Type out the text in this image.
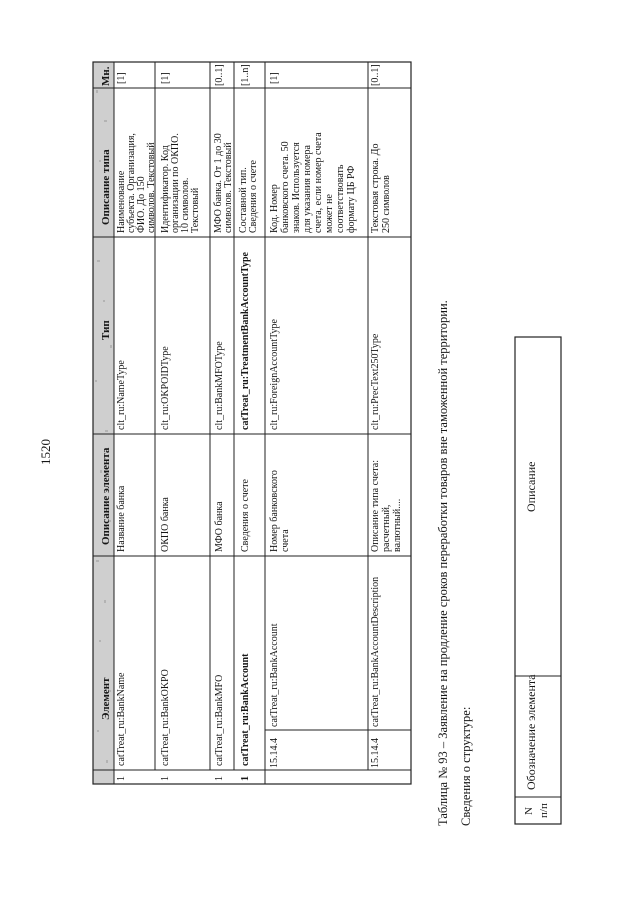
1520
Элемент
Описание элемента
Тип
Описание типа
Мн.
1
catTreat_ru:BankName
Название банка
clt_ru:NameType
Наименование субъекта. Организация, ФИО. До 150 символов. Текстовый
[1]
1
catTreat_ru:BankOKPO
ОКПО банка
clt_ru:OKPOIDType
Идентификатор. Код организации по ОКПО. 10 символов. Текстовый
[1]
1
catTreat_ru:BankMFO
МФО банка
clt_ru:BankMFOType
МФО банка. От 1 до 30 символов. Текстовый
[0..1]
1
catTreat_ru:BankAccount
Сведения о счете
catTreat_ru:TreatmentBankAccountType
Составной тип. Сведения о счете
[1..n]
15.14.4
catTreat_ru:BankAccount
Номер банковского счета
clt_ru:ForeignAccountType
Код. Номер банковского счета. 50 знаков. Используется для указания номера счета, если номер счета может не соответствовать формату ЦБ РФ
[1]
15.14.4
catTreat_ru:BankAccountDescription
Описание типа счета: расчетный, валютный....
clt_ru:PrecText250Type
Текстовая строка. До 250 символов
[0..1]
Таблица № 93 – Заявление на продление сроков переработки товаров вне таможенной территории. Сведения о структуре:	N п/п
Обозначение элемента
Описание
